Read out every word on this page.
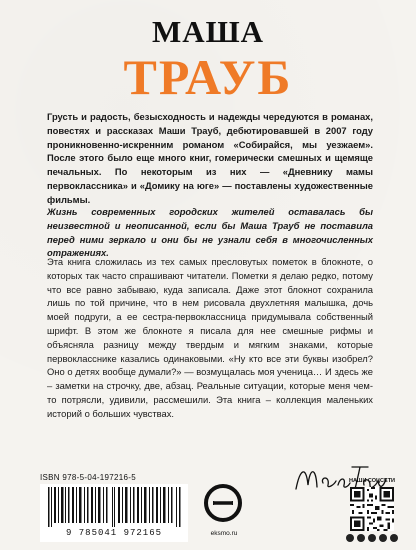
МАША
ТРАУБ

Грусть и радость, безысходность и надежды чередуются в романах, повестях и рассказах Маши Трауб, дебютировавшей в 2007 году проникновенно-искренним романом «Собирайся, мы уезжаем». После этого было еще много книг, гомерически смешных и щемяще печальных. По некоторым из них — «Дневнику мамы первоклассника» и «Домику на юге» — поставлены художественные фильмы.

Жизнь современных городских жителей оставалась бы неизвестной и неописанной, если бы Маша Трауб не поставила перед ними зеркало и они бы не узнали себя в многочисленных отражениях.

Эта книга сложилась из тех самых пресловутых пометок в блокноте, о которых так часто спрашивают читатели. Пометки я делаю редко, потому что все равно забываю, куда записала. Даже этот блокнот сохранила лишь по той причине, что в нем рисовала двухлетняя малышка, дочь моей подруги, а ее сестра-первоклассница придумывала собственный шрифт. В этом же блокноте я писала для нее смешные рифмы и объясняла разницу между твердым и мягким знаками, которые первокласснике казались одинаковыми. «Ну кто все эти буквы изобрел? Оно о детях вообще думали?» — возмущалась моя ученица… И здесь же – заметки на строчку, две, абзац. Реальные ситуации, которые меня чем-то потрясли, удивили, рассмешили. Эта книга – коллекция маленьких историй о больших чувствах.

ISBN 978-5-04-197216-5
9 785041 972165	eksmo.ru
НАШИ СОЦСЕТИ
